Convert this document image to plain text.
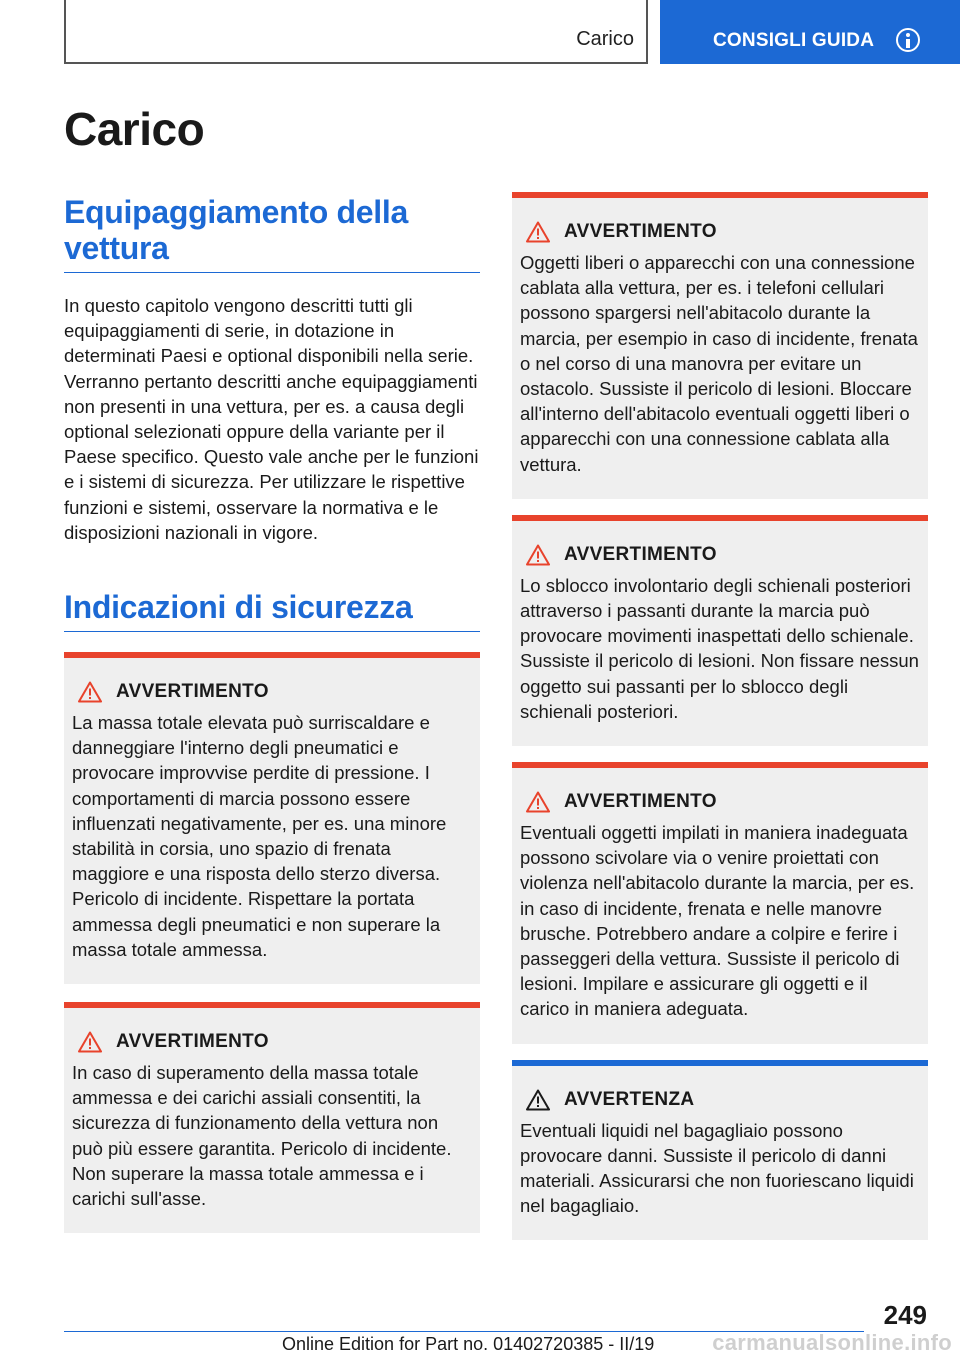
Carico	CONSIGLI GUIDA
Carico
Equipaggiamento della vettura

In questo capitolo vengono descritti tutti gli equipaggiamenti di serie, in dotazione in determinati Paesi e optional disponibili nella serie. Verranno pertanto descritti anche equipaggiamenti non presenti in una vettura, per es. a causa degli optional selezionati oppure della variante per il Paese specifico. Questo vale anche per le funzioni e i sistemi di sicurezza. Per utilizzare le rispettive funzioni e sistemi, osservare la normativa e le disposizioni nazionali in vigore.

Indicazioni di sicurezza
AVVERTIMENTO

La massa totale elevata può surriscaldare e danneggiare l'interno degli pneumatici e provocare improvvise perdite di pressione. I comportamenti di marcia possono essere influenzati negativamente, per es. una minore stabilità in corsia, uno spazio di frenata maggiore e una risposta dello sterzo diversa. Pericolo di incidente. Rispettare la portata ammessa degli pneumatici e non superare la massa totale ammessa.

AVVERTIMENTO

In caso di superamento della massa totale ammessa e dei carichi assiali consentiti, la sicurezza di funzionamento della vettura non può più essere garantita. Pericolo di incidente. Non superare la massa totale ammessa e i carichi sull'asse.

AVVERTIMENTO

Oggetti liberi o apparecchi con una connessione cablata alla vettura, per es. i telefoni cellulari possono spargersi nell'abitacolo durante la marcia, per esempio in caso di incidente, frenata o nel corso di una manovra per evitare un ostacolo. Sussiste il pericolo di lesioni. Bloccare all'interno dell'abitacolo eventuali oggetti liberi o apparecchi con una connessione cablata alla vettura.

AVVERTIMENTO

Lo sblocco involontario degli schienali posteriori attraverso i passanti durante la marcia può provocare movimenti inaspettati dello schienale. Sussiste il pericolo di lesioni. Non fissare nessun oggetto sui passanti per lo sblocco degli schienali posteriori.

AVVERTIMENTO

Eventuali oggetti impilati in maniera inadeguata possono scivolare via o venire proiettati con violenza nell'abitacolo durante la marcia, per es. in caso di incidente, frenata e nelle manovre brusche. Potrebbero andare a colpire e ferire i passeggeri della vettura. Sussiste il pericolo di lesioni. Impilare e assicurare gli oggetti e il carico in maniera adeguata.

AVVERTENZA

Eventuali liquidi nel bagagliaio possono provocare danni. Sussiste il pericolo di danni materiali. Assicurarsi che non fuoriescano liquidi nel bagagliaio.

249
Online Edition for Part no. 01402720385 - II/19	carmanualsonline.info
